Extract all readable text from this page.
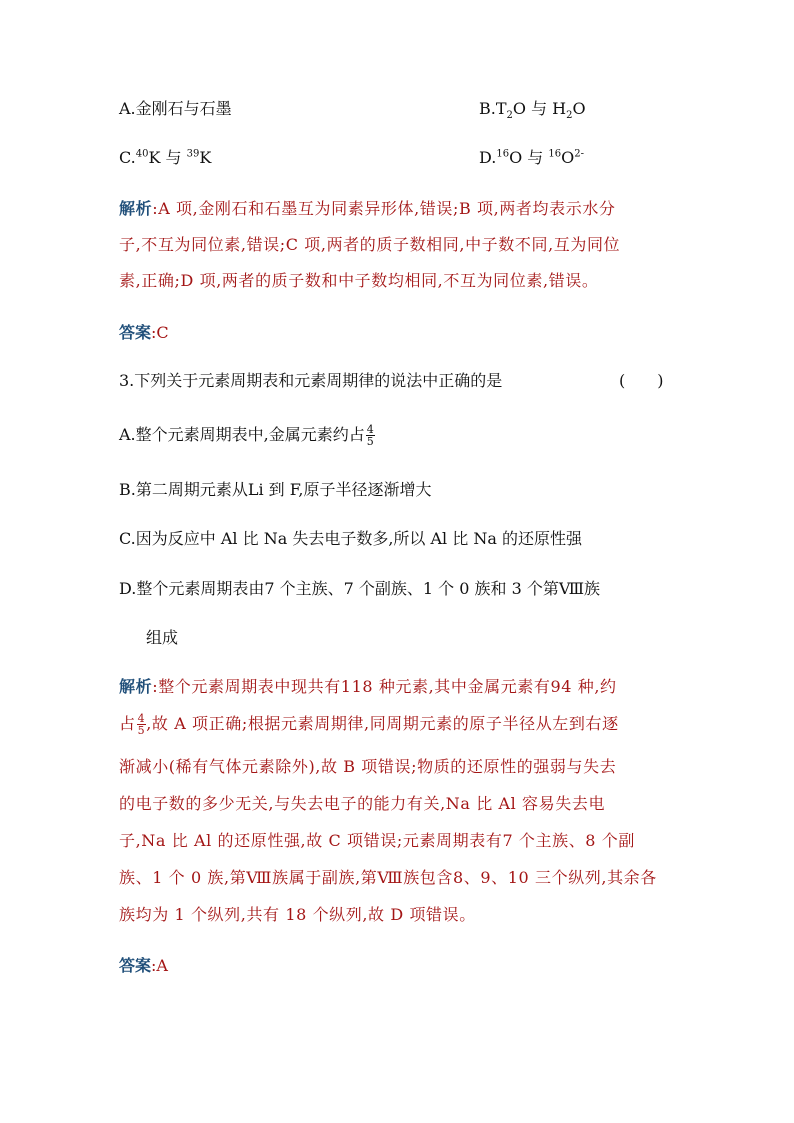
A.金刚石与石墨	$B.T_2O$ 与 $H_2O$
C.$^{40}$K 与 $^{39}$K	D.$^{16}$O 与 $^{16}O^{2-}$
解析:A 项,金刚石和石墨互为同素异形体,错误;B 项,两者均表示水分
子,不互为同位素,错误;C 项,两者的质子数相同,中子数不同,互为同位
素,正确;D 项,两者的质子数和中子数均相同,不互为同位素,错误。
答案:C
3.下列关于元素周期表和元素周期律的说法中正确的是	(　　)
A.整个元素周期表中,金属元素约占 $\frac{4}{5}$
B.第二周期元素从Li 到 F,原子半径逐渐增大
C.因为反应中 Al 比 Na 失去电子数多,所以 Al 比 Na 的还原性强
D.整个元素周期表由7 个主族、7 个副族、1 个 0 族和 3 个第Ⅷ族
组成
解析:整个元素周期表中现共有118 种元素,其中金属元素有94 种,约
占 $\frac{4}{5}$ ,故 A 项正确;根据元素周期律,同周期元素的原子半径从左到右逐
渐减小(稀有气体元素除外),故 B 项错误;物质的还原性的强弱与失去
的电子数的多少无关,与失去电子的能力有关,Na 比 Al 容易失去电
子,Na 比 Al 的还原性强,故 C 项错误;元素周期表有7 个主族、8 个副
族、1 个 0 族,第Ⅷ族属于副族,第Ⅷ族包含8、9、10 三个纵列,其余各
族均为 1 个纵列,共有 18 个纵列,故 D 项错误。
答案:A
